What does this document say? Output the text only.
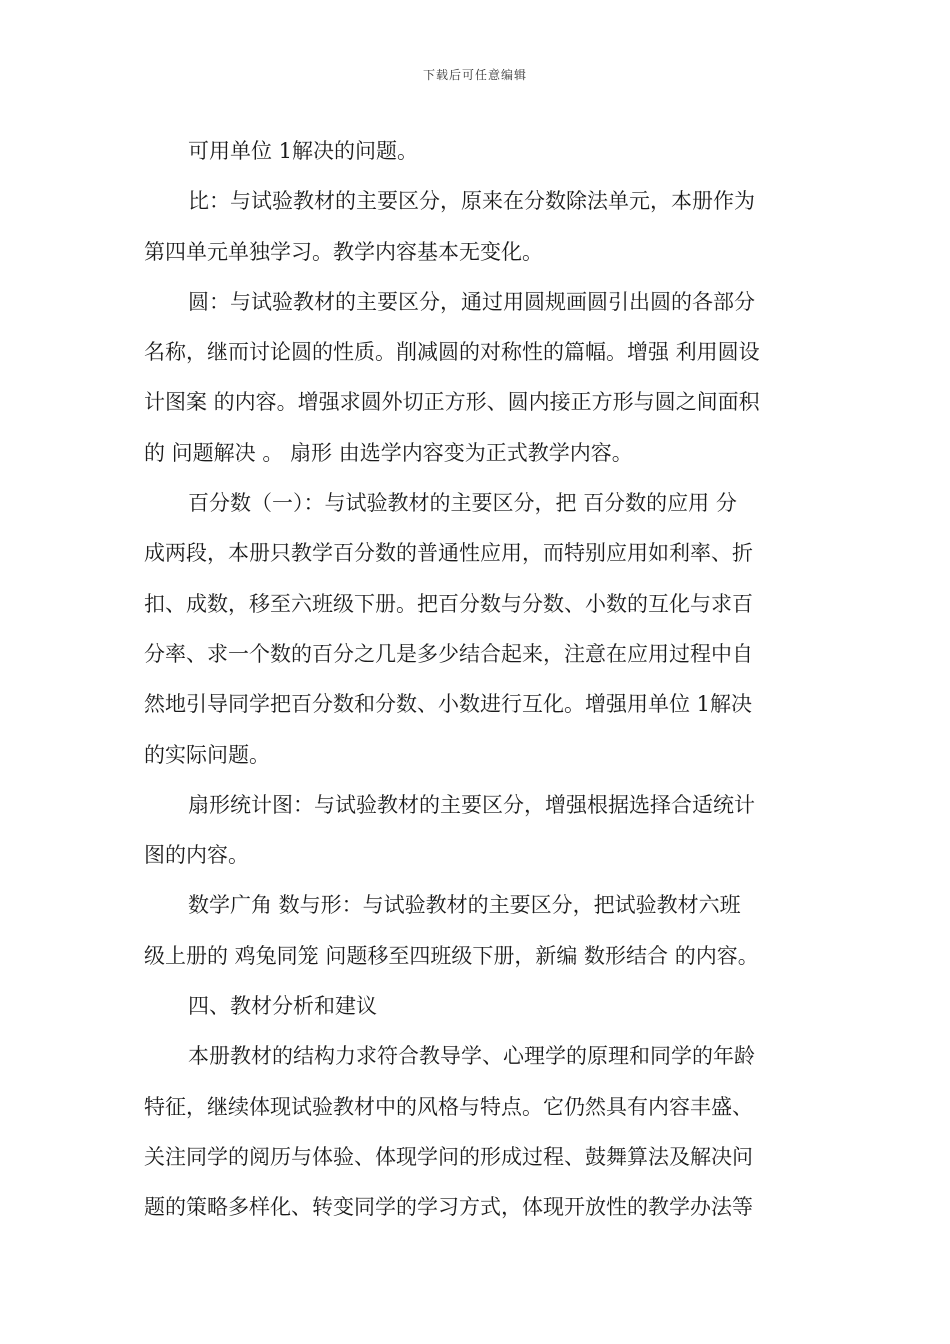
下载后可任意编辑

可用单位 1解决的问题。

比：与试验教材的主要区分，原来在分数除法单元，本册作为
第四单元单独学习。教学内容基本无变化。

圆：与试验教材的主要区分，通过用圆规画圆引出圆的各部分
名称，继而讨论圆的性质。削减圆的对称性的篇幅。增强 利用圆设
计图案 的内容。增强求圆外切正方形、圆内接正方形与圆之间面积
的 问题解决 。 扇形 由选学内容变为正式教学内容。

百分数（一）：与试验教材的主要区分，把 百分数的应用 分
成两段，本册只教学百分数的普通性应用，而特别应用如利率、折
扣、成数，移至六班级下册。把百分数与分数、小数的互化与求百
分率、求一个数的百分之几是多少结合起来，注意在应用过程中自
然地引导同学把百分数和分数、小数进行互化。增强用单位 1解决
的实际问题。

扇形统计图：与试验教材的主要区分，增强根据选择合适统计
图的内容。

数学广角 数与形：与试验教材的主要区分，把试验教材六班
级上册的 鸡兔同笼 问题移至四班级下册，新编 数形结合 的内容。

四、教材分析和建议

本册教材的结构力求符合教导学、心理学的原理和同学的年龄
特征，继续体现试验教材中的风格与特点。它仍然具有内容丰盛、
关注同学的阅历与体验、体现学问的形成过程、鼓舞算法及解决问
题的策略多样化、转变同学的学习方式，体现开放性的教学办法等
